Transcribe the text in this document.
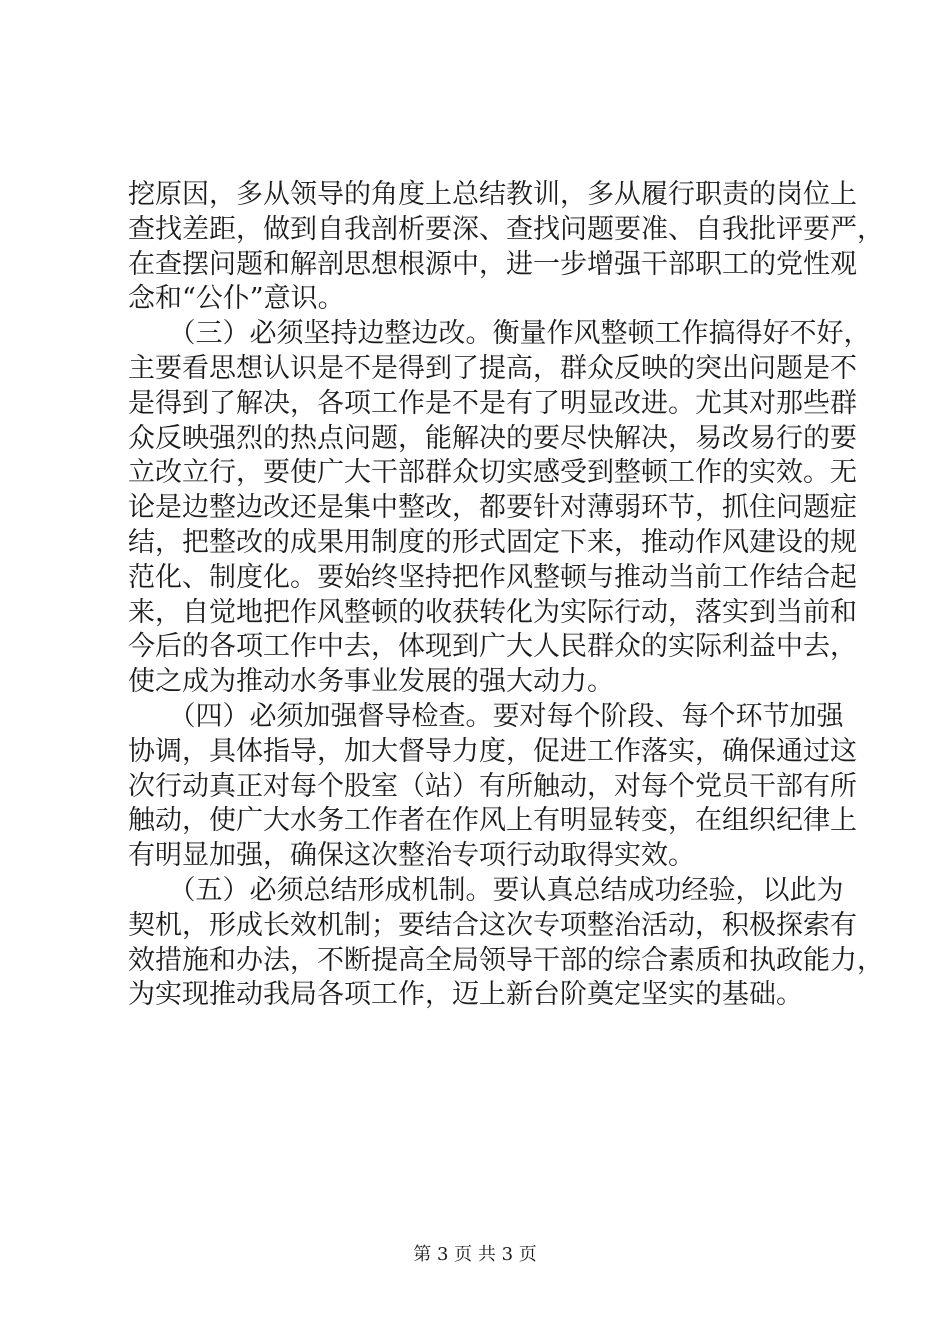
挖原因，多从领导的角度上总结教训，多从履行职责的岗位上
查找差距，做到自我剖析要深、查找问题要准、自我批评要严，
在查摆问题和解剖思想根源中，进一步增强干部职工的党性观
念和“公仆”意识。
　　（三）必须坚持边整边改。衡量作风整顿工作搞得好不好，
主要看思想认识是不是得到了提高，群众反映的突出问题是不
是得到了解决，各项工作是不是有了明显改进。尤其对那些群
众反映强烈的热点问题，能解决的要尽快解决，易改易行的要
立改立行，要使广大干部群众切实感受到整顿工作的实效。无
论是边整边改还是集中整改，都要针对薄弱环节，抓住问题症
结，把整改的成果用制度的形式固定下来，推动作风建设的规
范化、制度化。要始终坚持把作风整顿与推动当前工作结合起
来，自觉地把作风整顿的收获转化为实际行动，落实到当前和
今后的各项工作中去，体现到广大人民群众的实际利益中去，
使之成为推动水务事业发展的强大动力。
　　（四）必须加强督导检查。要对每个阶段、每个环节加强
协调，具体指导，加大督导力度，促进工作落实，确保通过这
次行动真正对每个股室（站）有所触动，对每个党员干部有所
触动，使广大水务工作者在作风上有明显转变，在组织纪律上
有明显加强，确保这次整治专项行动取得实效。
　　（五）必须总结形成机制。要认真总结成功经验，以此为
契机，形成长效机制；要结合这次专项整治活动，积极探索有
效措施和办法，不断提高全局领导干部的综合素质和执政能力，
为实现推动我局各项工作，迈上新台阶奠定坚实的基础。
第 3 页 共 3 页
